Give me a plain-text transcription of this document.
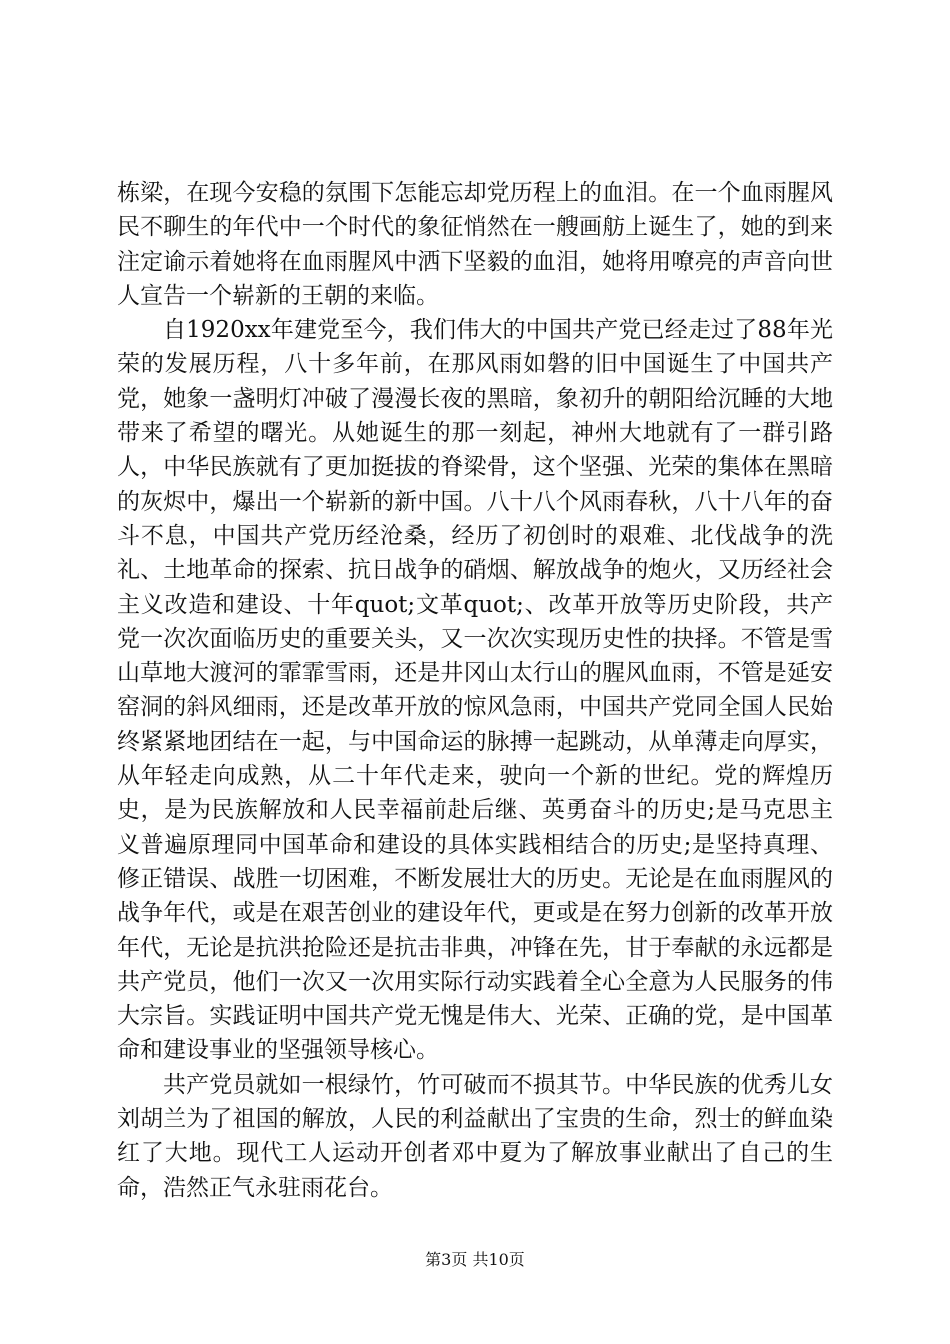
栋梁，在现今安稳的氛围下怎能忘却党历程上的血泪。在一个血雨腥风民不聊生的年代中一个时代的象征悄然在一艘画舫上诞生了，她的到来注定谕示着她将在血雨腥风中洒下坚毅的血泪，她将用嘹亮的声音向世人宣告一个崭新的王朝的来临。

自1920xx年建党至今，我们伟大的中国共产党已经走过了88年光荣的发展历程，八十多年前，在那风雨如磐的旧中国诞生了中国共产党，她象一盏明灯冲破了漫漫长夜的黑暗，象初升的朝阳给沉睡的大地带来了希望的曙光。从她诞生的那一刻起，神州大地就有了一群引路人，中华民族就有了更加挺拔的脊梁骨，这个坚强、光荣的集体在黑暗的灰烬中，爆出一个崭新的新中国。八十八个风雨春秋，八十八年的奋斗不息，中国共产党历经沧桑，经历了初创时的艰难、北伐战争的洗礼、土地革命的探索、抗日战争的硝烟、解放战争的炮火，又历经社会主义改造和建设、十年quot;文革quot;、改革开放等历史阶段，共产党一次次面临历史的重要关头，又一次次实现历史性的抉择。不管是雪山草地大渡河的霏霏雪雨，还是井冈山太行山的腥风血雨，不管是延安窑洞的斜风细雨，还是改革开放的惊风急雨，中国共产党同全国人民始终紧紧地团结在一起，与中国命运的脉搏一起跳动，从单薄走向厚实，从年轻走向成熟，从二十年代走来，驶向一个新的世纪。党的辉煌历史，是为民族解放和人民幸福前赴后继、英勇奋斗的历史;是马克思主义普遍原理同中国革命和建设的具体实践相结合的历史;是坚持真理、修正错误、战胜一切困难，不断发展壮大的历史。无论是在血雨腥风的战争年代，或是在艰苦创业的建设年代，更或是在努力创新的改革开放年代，无论是抗洪抢险还是抗击非典，冲锋在先，甘于奉献的永远都是共产党员，他们一次又一次用实际行动实践着全心全意为人民服务的伟大宗旨。实践证明中国共产党无愧是伟大、光荣、正确的党，是中国革命和建设事业的坚强领导核心。

共产党员就如一根绿竹，竹可破而不损其节。中华民族的优秀儿女刘胡兰为了祖国的解放，人民的利益献出了宝贵的生命，烈士的鲜血染红了大地。现代工人运动开创者邓中夏为了解放事业献出了自己的生命，浩然正气永驻雨花台。

第3页 共10页
